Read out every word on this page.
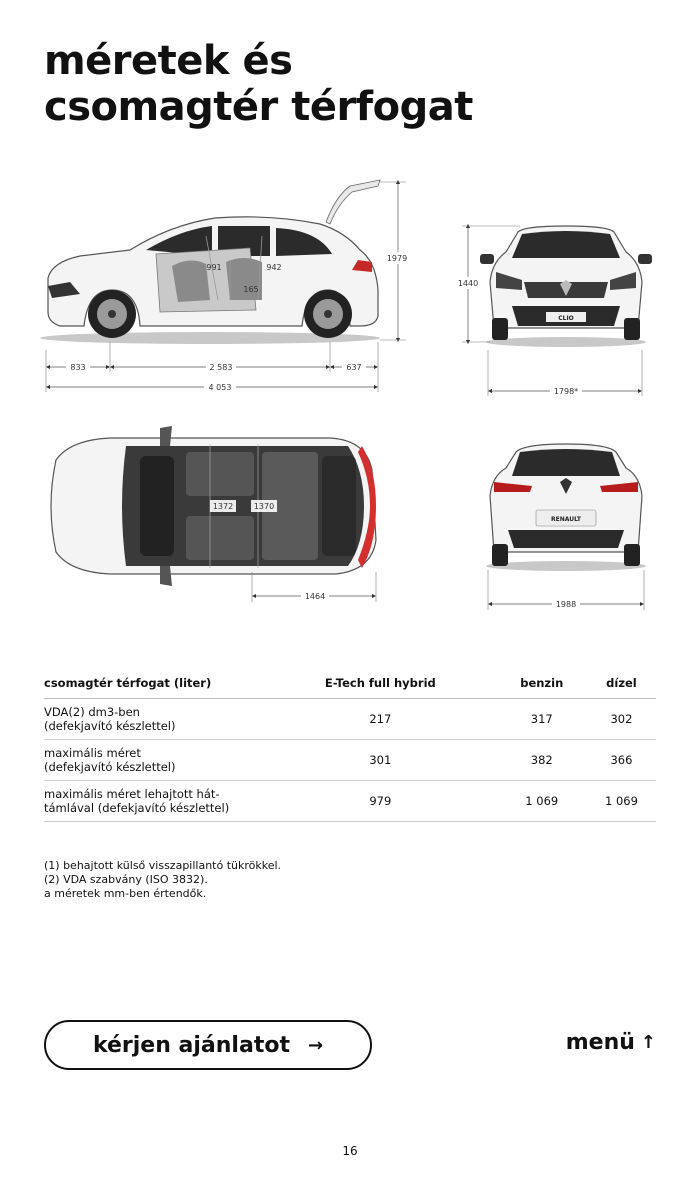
méretek és
csomagtér térfogat
991	942
165
1979
833	2 583	637
4 053
CLIO
1440
1798*
1372	1370
1464
RENAULT
1988
csomagtér térfogat (liter)	E-Tech full hybrid	benzin	dízel

VDA(2) dm3-ben
(defekjavító készlettel)	217	317	302

maximális méret
(defekjavító készlettel)	301	382	366

maximális méret lehajtott hát-
támlával (defekjavító készlettel)	979	1 069	1 069
(1) behajtott külső visszapillantó tükrökkel.
(2) VDA szabvány (ISO 3832).
a méretek mm-ben értendők.
kérjen ajánlatot →	menü ↑
16
